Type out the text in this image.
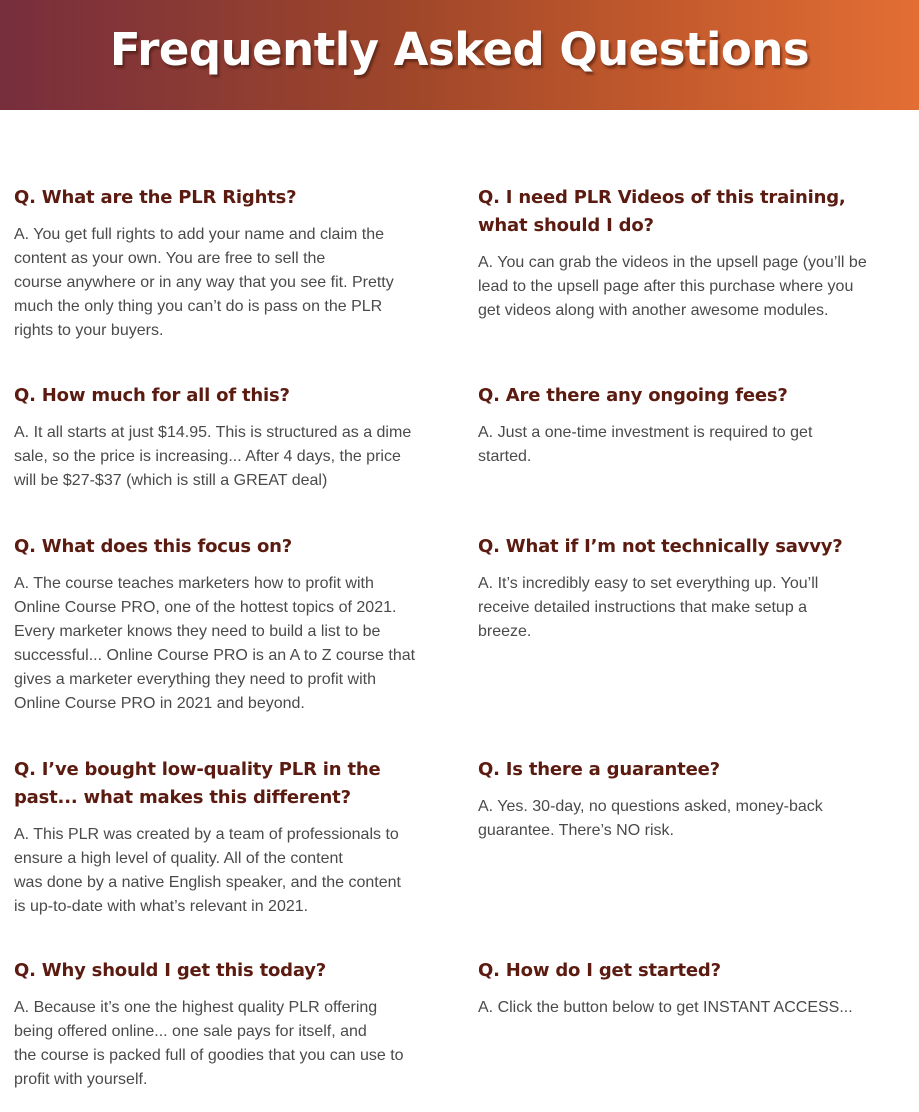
Frequently Asked Questions
Q. What are the PLR Rights?

A. You get full rights to add your name and claim the
content as your own. You are free to sell the
course anywhere or in any way that you see fit. Pretty
much the only thing you can’t do is pass on the PLR
rights to your buyers.

Q. How much for all of this?

A. It all starts at just $14.95. This is structured as a dime
sale, so the price is increasing... After 4 days, the price
will be $27-$37 (which is still a GREAT deal)

Q. What does this focus on?

A. The course teaches marketers how to profit with
Online Course PRO, one of the hottest topics of 2021.
Every marketer knows they need to build a list to be
successful... Online Course PRO is an A to Z course that
gives a marketer everything they need to profit with
Online Course PRO in 2021 and beyond.

Q. I’ve bought low-quality PLR in the
past... what makes this different?

A. This PLR was created by a team of professionals to
ensure a high level of quality. All of the content
was done by a native English speaker, and the content
is up-to-date with what’s relevant in 2021.

Q. Why should I get this today?

A. Because it’s one the highest quality PLR offering
being offered online... one sale pays for itself, and
the course is packed full of goodies that you can use to
profit with yourself.

Q. I need PLR Videos of this training,
what should I do?

A. You can grab the videos in the upsell page (you’ll be
lead to the upsell page after this purchase where you
get videos along with another awesome modules.

Q. Are there any ongoing fees?

A. Just a one-time investment is required to get
started.

Q. What if I’m not technically savvy?

A. It’s incredibly easy to set everything up. You’ll
receive detailed instructions that make setup a
breeze.

Q. Is there a guarantee?

A. Yes. 30-day, no questions asked, money-back
guarantee. There’s NO risk.

Q. How do I get started?

A. Click the button below to get INSTANT ACCESS...
